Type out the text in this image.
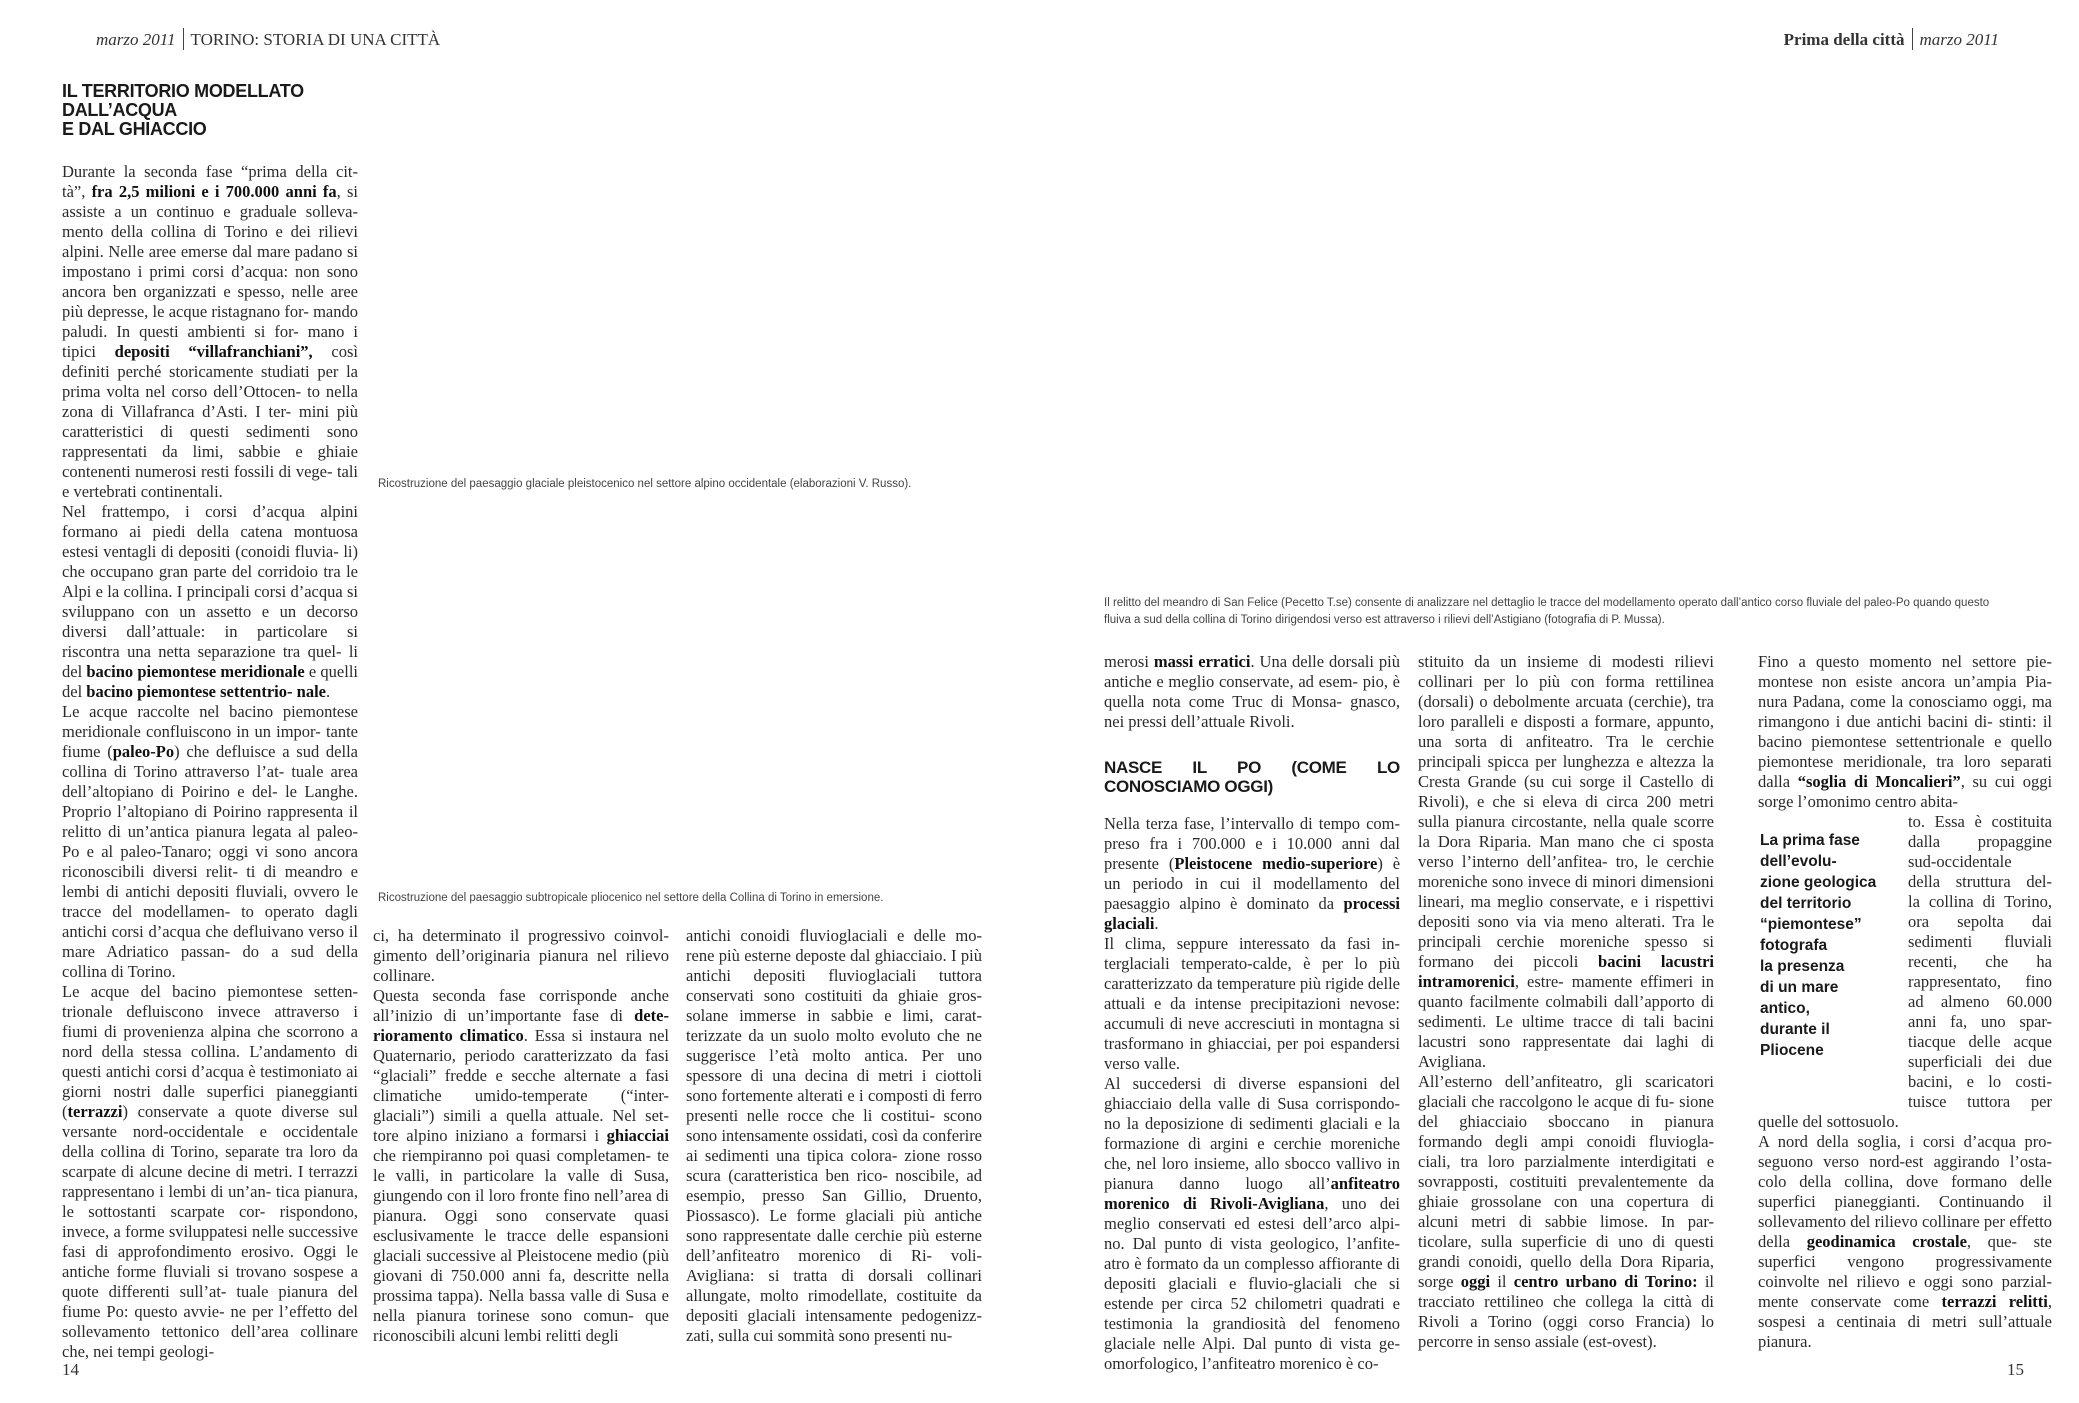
marzo 2011 TORINO: STORIA DI UNA CITTÀ	Prima della città marzo 2011
IL TERRITORIO MODELLATO DALL’ACQUA
E DAL GHIACCIO

Durante la seconda fase “prima della cit- tà”, fra 2,5 milioni e i 700.000 anni fa, si assiste a un continuo e graduale solleva- mento della collina di Torino e dei rilievi alpini. Nelle aree emerse dal mare padano si impostano i primi corsi d’acqua: non sono ancora ben organizzati e spesso, nelle aree più depresse, le acque ristagnano for- mando paludi. In questi ambienti si for- mano i tipici depositi “villafranchiani”, così definiti perché storicamente studiati per la prima volta nel corso dell’Ottocen- to nella zona di Villafranca d’Asti. I ter- mini più caratteristici di questi sedimenti sono rappresentati da limi, sabbie e ghiaie contenenti numerosi resti fossili di vege- tali e vertebrati continentali.

Nel frattempo, i corsi d’acqua alpini formano ai piedi della catena montuosa estesi ventagli di depositi (conoidi fluvia- li) che occupano gran parte del corridoio tra le Alpi e la collina. I principali corsi d’acqua si sviluppano con un assetto e un decorso diversi dall’attuale: in particolare si riscontra una netta separazione tra quel- li del bacino piemontese meridionale e quelli del bacino piemontese settentrio- nale.

Le acque raccolte nel bacino piemontese meridionale confluiscono in un impor- tante fiume (paleo-Po) che defluisce a sud della collina di Torino attraverso l’at- tuale area dell’altopiano di Poirino e del- le Langhe. Proprio l’altopiano di Poirino rappresenta il relitto di un’antica pianura legata al paleo-Po e al paleo-Tanaro; oggi vi sono ancora riconoscibili diversi relit- ti di meandro e lembi di antichi depositi fluviali, ovvero le tracce del modellamen- to operato dagli antichi corsi d’acqua che defluivano verso il mare Adriatico passan- do a sud della collina di Torino.

Le acque del bacino piemontese setten- trionale defluiscono invece attraverso i fiumi di provenienza alpina che scorrono a nord della stessa collina. L’andamento di questi antichi corsi d’acqua è testimoniato ai giorni nostri dalle superfici pianeggianti (terrazzi) conservate a quote diverse sul versante nord-occidentale e occidentale della collina di Torino, separate tra loro da scarpate di alcune decine di metri. I terrazzi rappresentano i lembi di un’an- tica pianura, le sottostanti scarpate cor- rispondono, invece, a forme sviluppatesi nelle successive fasi di approfondimento erosivo. Oggi le antiche forme fluviali si trovano sospese a quote differenti sull’at- tuale pianura del fiume Po: questo avvie- ne per l’effetto del sollevamento tettonico dell’area collinare che, nei tempi geologi-

Ricostruzione del paesaggio glaciale pleistocenico nel settore alpino occidentale (elaborazioni V. Russo).
Ricostruzione del paesaggio subtropicale pliocenico nel settore della Collina di Torino in emersione.
Il relitto del meandro di San Felice (Pecetto T.se) consente di analizzare nel dettaglio le tracce del modellamento operato dall’antico corso fluviale del paleo-Po quando questo
fluiva a sud della collina di Torino dirigendosi verso est attraverso i rilievi dell’Astigiano (fotografia di P. Mussa).

ci, ha determinato il progressivo coinvol- gimento dell’originaria pianura nel rilievo collinare.

Questa seconda fase corrisponde anche all’inizio di un’importante fase di dete- rioramento climatico. Essa si instaura nel Quaternario, periodo caratterizzato da fasi “glaciali” fredde e secche alternate a fasi climatiche umido-temperate (“inter- glaciali”) simili a quella attuale. Nel set- tore alpino iniziano a formarsi i ghiacciai che riempiranno poi quasi completamen- te le valli, in particolare la valle di Susa, giungendo con il loro fronte fino nell’area di pianura. Oggi sono conservate quasi esclusivamente le tracce delle espansioni glaciali successive al Pleistocene medio (più giovani di 750.000 anni fa, descritte nella prossima tappa). Nella bassa valle di Susa e nella pianura torinese sono comun- que riconoscibili alcuni lembi relitti degli

antichi conoidi fluvioglaciali e delle mo- rene più esterne deposte dal ghiacciaio. I più antichi depositi fluvioglaciali tuttora conservati sono costituiti da ghiaie gros- solane immerse in sabbie e limi, carat- terizzate da un suolo molto evoluto che ne suggerisce l’età molto antica. Per uno spessore di una decina di metri i ciottoli sono fortemente alterati e i composti di ferro presenti nelle rocce che li costitui- scono sono intensamente ossidati, così da conferire ai sedimenti una tipica colora- zione rosso scura (caratteristica ben rico- noscibile, ad esempio, presso San Gillio, Druento, Piossasco). Le forme glaciali più antiche sono rappresentate dalle cerchie più esterne dell’anfiteatro morenico di Ri- voli-Avigliana: si tratta di dorsali collinari allungate, molto rimodellate, costituite da depositi glaciali intensamente pedogenizz- zati, sulla cui sommità sono presenti nu-

merosi massi erratici. Una delle dorsali più antiche e meglio conservate, ad esem- pio, è quella nota come Truc di Monsa- gnasco, nei pressi dell’attuale Rivoli.

NASCE IL PO (COME LO CONOSCIAMO OGGI)

Nella terza fase, l’intervallo di tempo com- preso fra i 700.000 e i 10.000 anni dal presente (Pleistocene medio-superiore) è un periodo in cui il modellamento del paesaggio alpino è dominato da processi glaciali.

Il clima, seppure interessato da fasi in- terglaciali temperato-calde, è per lo più caratterizzato da temperature più rigide delle attuali e da intense precipitazioni nevose: accumuli di neve accresciuti in montagna si trasformano in ghiacciai, per poi espandersi verso valle.

Al succedersi di diverse espansioni del ghiacciaio della valle di Susa corrispondo- no la deposizione di sedimenti glaciali e la formazione di argini e cerchie moreniche che, nel loro insieme, allo sbocco vallivo in pianura danno luogo all’anfiteatro morenico di Rivoli-Avigliana, uno dei meglio conservati ed estesi dell’arco alpi- no. Dal punto di vista geologico, l’anfite- atro è formato da un complesso affiorante di depositi glaciali e fluvio-glaciali che si estende per circa 52 chilometri quadrati e testimonia la grandiosità del fenomeno glaciale nelle Alpi. Dal punto di vista ge- omorfologico, l’anfiteatro morenico è co-

stituito da un insieme di modesti rilievi collinari per lo più con forma rettilinea (dorsali) o debolmente arcuata (cerchie), tra loro paralleli e disposti a formare, appunto, una sorta di anfiteatro. Tra le cerchie principali spicca per lunghezza e altezza la Cresta Grande (su cui sorge il Castello di Rivoli), e che si eleva di circa 200 metri sulla pianura circostante, nella quale scorre la Dora Riparia. Man mano che ci sposta verso l’interno dell’anfitea- tro, le cerchie moreniche sono invece di minori dimensioni lineari, ma meglio conservate, e i rispettivi depositi sono via via meno alterati. Tra le principali cerchie moreniche spesso si formano dei piccoli bacini lacustri intramorenici, estre- mamente effimeri in quanto facilmente colmabili dall’apporto di sedimenti. Le ultime tracce di tali bacini lacustri sono rappresentate dai laghi di Avigliana.

All’esterno dell’anfiteatro, gli scaricatori glaciali che raccolgono le acque di fu- sione del ghiacciaio sboccano in pianura formando degli ampi conoidi fluviogla- ciali, tra loro parzialmente interdigitati e sovrapposti, costituiti prevalentemente da ghiaie grossolane con una copertura di alcuni metri di sabbie limose. In par- ticolare, sulla superficie di uno di questi grandi conoidi, quello della Dora Riparia, sorge oggi il centro urbano di Torino: il tracciato rettilineo che collega la città di Rivoli a Torino (oggi corso Francia) lo percorre in senso assiale (est-ovest).

Fino a questo momento nel settore pie- montese non esiste ancora un’ampia Pia- nura Padana, come la conosciamo oggi, ma rimangono i due antichi bacini di- stinti: il bacino piemontese settentrionale e quello piemontese meridionale, tra loro separati dalla “soglia di Moncalieri”, su cui oggi sorge l’omonimo centro abita-

La prima fase
dell’evolu-
zione geologica
del territorio
“piemontese”
fotografa
la presenza
di un mare
antico,
durante il
Pliocene
to. Essa è costituita
dalla propaggine
sud-occidentale
della struttura del-
la collina di Torino,
ora sepolta dai
sedimenti fluviali
recenti, che ha
rappresentato, fino
ad almeno 60.000
anni fa, uno spar-
tiacque delle acque
superficiali dei due
bacini, e lo costi-
tuisce tuttora per

quelle del sottosuolo.

A nord della soglia, i corsi d’acqua pro- seguono verso nord-est aggirando l’osta- colo della collina, dove formano delle superfici pianeggianti. Continuando il sollevamento del rilievo collinare per effetto della geodinamica crostale, que- ste superfici vengono progressivamente coinvolte nel rilievo e oggi sono parzial- mente conservate come terrazzi relitti, sospesi a centinaia di metri sull’attuale pianura.

14	15
